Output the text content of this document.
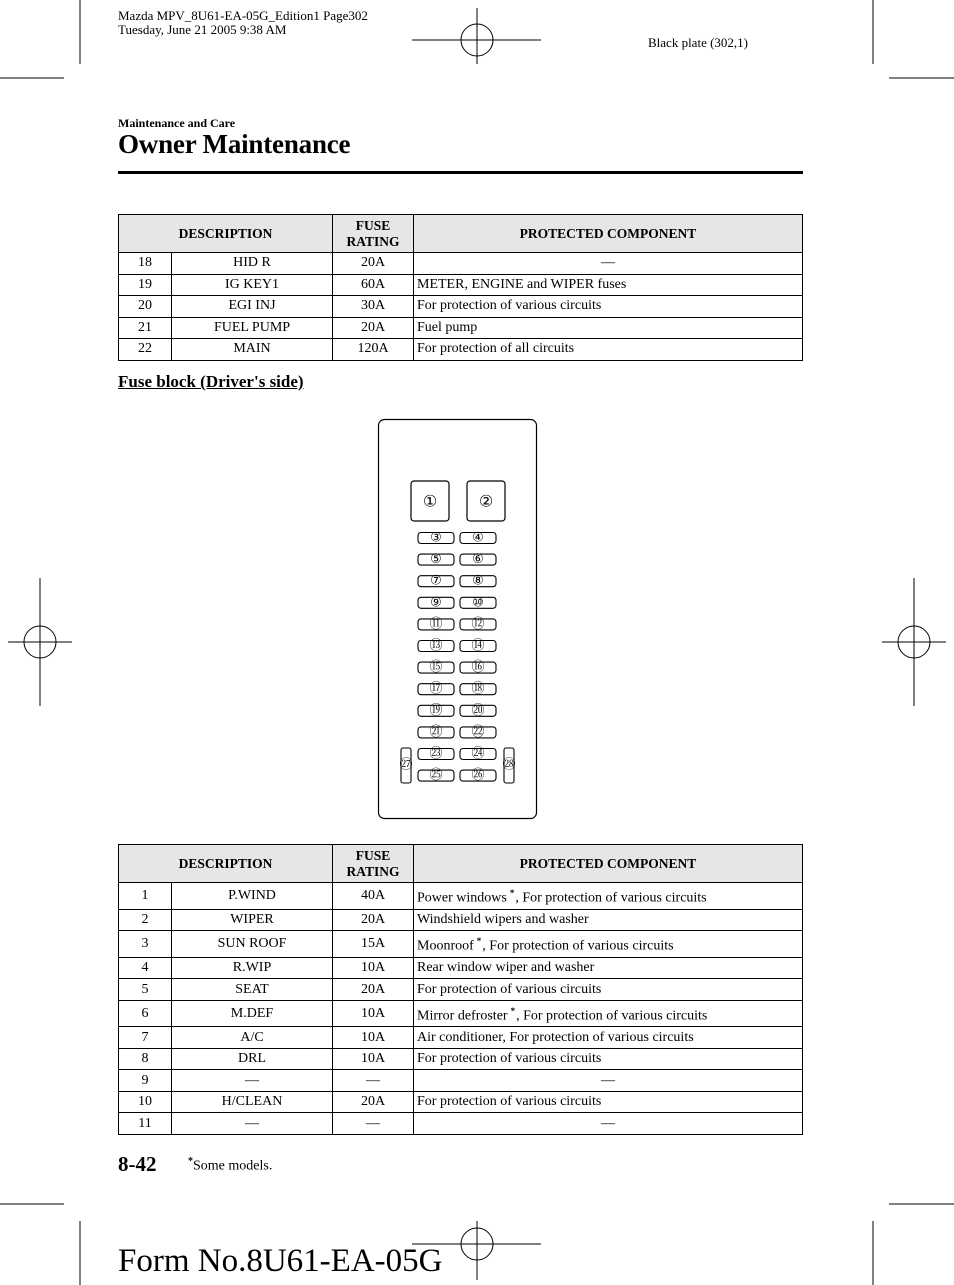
Mazda MPV_8U61-EA-05G_Edition1 Page302
Tuesday, June 21 2005 9:38 AM
Black plate (302,1)
Maintenance and Care
Owner Maintenance
DESCRIPTION		FUSE RATING	PROTECTED COMPONENT
18	HID R	20A	—
19	IG KEY1	60A	METER, ENGINE and WIPER fuses
20	EGI INJ	30A	For protection of various circuits
21	FUEL PUMP	20A	Fuel pump
22	MAIN	120A	For protection of all circuits
Fuse block (Driver's side)
①	②
③ ④
⑤ ⑥
⑦ ⑧
⑨ ⑩
⑪ ⑫
⑬ ⑭
⑮ ⑯
⑰ ⑱
⑲ ⑳
㉑ ㉒
㉓ ㉔
㉕ ㉖
㉗	㉘
DESCRIPTION		FUSE RATING	PROTECTED COMPONENT
1	P.WIND	40A	Power windows *, For protection of various circuits
2	WIPER	20A	Windshield wipers and washer
3	SUN ROOF	15A	Moonroof *, For protection of various circuits
4	R.WIP	10A	Rear window wiper and washer
5	SEAT	20A	For protection of various circuits
6	M.DEF	10A	Mirror defroster *, For protection of various circuits
7	A/C	10A	Air conditioner, For protection of various circuits
8	DRL	10A	For protection of various circuits
9	—	—	—
10	H/CLEAN	20A	For protection of various circuits
11	—	—	—
8-42	*Some models.
Form No.8U61-EA-05G
